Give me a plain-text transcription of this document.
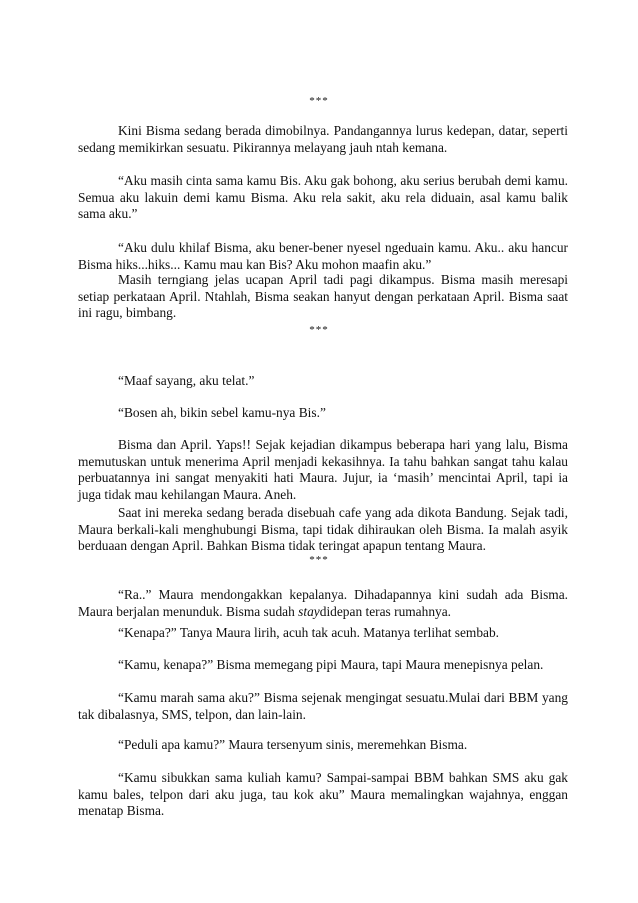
***

Kini Bisma sedang berada dimobilnya. Pandangannya lurus kedepan, datar, seperti sedang memikirkan sesuatu. Pikirannya melayang jauh ntah kemana.

“Aku masih cinta sama kamu Bis. Aku gak bohong, aku serius berubah demi kamu. Semua aku lakuin demi kamu Bisma. Aku rela sakit, aku rela diduain, asal kamu balik sama aku.”

“Aku dulu khilaf Bisma, aku bener-bener nyesel ngeduain kamu. Aku.. aku hancur Bisma hiks...hiks... Kamu mau kan Bis? Aku mohon maafin aku.”

Masih terngiang jelas ucapan April tadi pagi dikampus. Bisma masih meresapi setiap perkataan April. Ntahlah, Bisma seakan hanyut dengan perkataan April. Bisma saat ini ragu, bimbang.

***

“Maaf sayang, aku telat.”

“Bosen ah, bikin sebel kamu-nya Bis.”

Bisma dan April. Yaps!! Sejak kejadian dikampus beberapa hari yang lalu, Bisma memutuskan untuk menerima April menjadi kekasihnya. Ia tahu bahkan sangat tahu kalau perbuatannya ini sangat menyakiti hati Maura. Jujur, ia ‘masih’ mencintai April, tapi ia juga tidak mau kehilangan Maura. Aneh.

Saat ini mereka sedang berada disebuah cafe yang ada dikota Bandung. Sejak tadi, Maura berkali-kali menghubungi Bisma, tapi tidak dihiraukan oleh Bisma. Ia malah asyik berduaan dengan April. Bahkan Bisma tidak teringat apapun tentang Maura.

***

“Ra..” Maura mendongakkan kepalanya. Dihadapannya kini sudah ada Bisma. Maura berjalan menunduk. Bisma sudah staydidepan teras rumahnya.

“Kenapa?” Tanya Maura lirih, acuh tak acuh. Matanya terlihat sembab.

“Kamu, kenapa?” Bisma memegang pipi Maura, tapi Maura menepisnya pelan.

“Kamu marah sama aku?” Bisma sejenak mengingat sesuatu.Mulai dari BBM yang tak dibalasnya, SMS, telpon, dan lain-lain.

“Peduli apa kamu?” Maura tersenyum sinis, meremehkan Bisma.

“Kamu sibukkan sama kuliah kamu? Sampai-sampai BBM bahkan SMS aku gak kamu bales, telpon dari aku juga, tau kok aku” Maura memalingkan wajahnya, enggan menatap Bisma.
